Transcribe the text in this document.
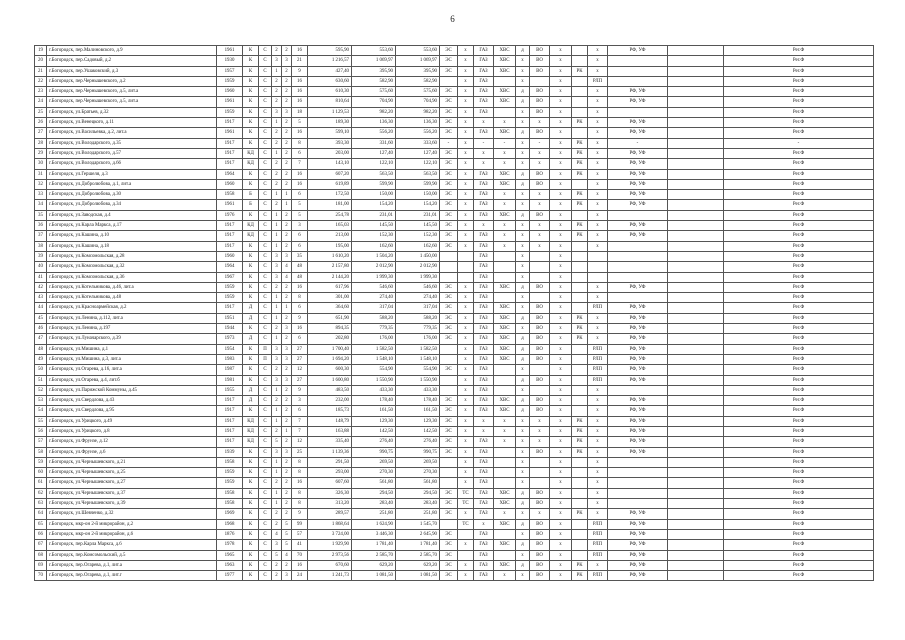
6
19	г.Богородск, пер.Малиновского, д.9	1961	К	С	2	2	16	595,90	553,60	553,60	ЭС	х	ГАЗ	ХВС	д	ВО	х		х	РФ, УФ		Рег.Ф
20	г.Богородск, пер.Садовый, д.2	1930	К	С	3	3	21	1 216,57	1 069,97	1 069,97	ЭС	х	ГАЗ	ХВС	х	ВО	х		х			Рег.Ф
21	г.Богородск, пер.Ушаковский, д.3	1957	К	С	1	2	9	427,40	395,90	395,90	ЭС	х	ГАЗ	ХВС	х	ВО	х	РК	х			Рег.Ф
22	г.Богородск, пер.Чернышевского, д.2	1959	К	С	2	2	16	630,60	582,90	582,90		х	ГАЗ		х		х		РЛП			Рег.Ф
23	г.Богородск, пер.Чернышевского, д.5, лит.а	1960	К	С	2	2	16	610,30	575,60	575,60	ЭС	х	ГАЗ	ХВС	д	ВО	х		х	РФ, УФ		Рег.Ф
24	г.Богородск, пер.Чернышевского, д.5, лит.а	1961	К	С	2	2	16	810,64	704,90	704,90	ЭС	х	ГАЗ	ХВС	д	ВО	х		х	РФ, УФ		Рег.Ф
25	г.Богородск, ул.Братьев, д.32	1959	К	С	3	3	18	1 129,53	982,20	982,20	ЭС	х	ГАЗ		х	ВО	х		х			Рег.Ф
26	г.Богородск, ул.Венецкого, д.11	1917	К	С	1	2	5	189,30	136,30	136,30	ЭС	х	х	х	х	х	х	РК	х	РФ, УФ		Рег.Ф
27	г.Богородск, ул.Васильевка, д.2, лит.а	1961	К	С	2	2	16	599,10	556,20	556,20	ЭС	х	ГАЗ	ХВС	д	ВО	х		х	РФ, УФ		Рег.Ф
28	г.Богородск, ул.Володарского, д.35	1917	К	С	2	2	8	393,30	331,60	333,60	-	х	-	-	х	-	х	РК	х	-		-
29	г.Богородск, ул.Володарского, д.57	1917	КД	С	1	2	6	203,00	127,40	127,40	ЭС	х	х	х	х	х	х	РК	х	РФ, УФ		Рег.Ф
30	г.Богородск, ул.Володарского, д.66	1917	КД	С	2	2	7	143,10	122,10	122,10	ЭС	х	х	х	х	х	х	РК	х	РФ, УФ		Рег.Ф
31	г.Богородск, ул.Гершеля, д.3	1964	К	С	2	2	16	607,20	563,50	563,50	ЭС	х	ГАЗ	ХВС	д	ВО	х	РК	х	РФ, УФ		Рег.Ф
32	г.Богородск, ул.Добролюбова, д.1, лит.а	1960	К	С	2	2	16	619,89	599,90	599,90	ЭС	х	ГАЗ	ХВС	д	ВО	х		х	РФ, УФ		Рег.Ф
33	г.Богородск, ул.Добролюбова, д.30	1958	Б	С	1	1	6	172,50	150,00	150,00	ЭС	х	ГАЗ	х	х	х	х	РК	х	РФ, УФ		Рег.Ф
34	г.Богородск, ул.Добролюбова, д.34	1961	Б	С	2	1	5	181,00	154,20	154,20	ЭС	х	ГАЗ	х	х	х	х	РК	х	РФ, УФ		Рег.Ф
35	г.Богородск, ул.Заводская, д.4	1976	К	С	1	2	5	254,78	231,01	231,01	ЭС	х	ГАЗ	ХВС	д	ВО	х		х			Рег.Ф
36	г.Богородск, ул.Карла Маркса, д.17	1917	КД	С	1	2	3	165,03	145,50	145,50	ЭС	х	х	х	х	х	х	РК	х	РФ, УФ		Рег.Ф
37	г.Богородск, ул.Кашина, д.10	1917	КД	С	1	2	6	213,00	152,30	152,30	ЭС	х	ГАЗ	х	х	х	х	РК	х	РФ, УФ		Рег.Ф
38	г.Богородск, ул.Кашина, д.18	1917	К	С	1	2	6	195,00	162,60	162,60	ЭС	х	ГАЗ	х	х	х	х		х			Рег.Ф
39	г.Богородск, ул.Комсомольская, д.28	1960	К	С	3	3	35	1 610,20	1 504,20	1 450,00			ГАЗ		х		х					Рег.Ф
40	г.Богородск, ул.Комсомольская, д.32	1964	К	С	3	4	48	2 157,80	2 012,90	2 012,90			ГАЗ		х		х					Рег.Ф
41	г.Богородск, ул.Комсомольская, д.36	1967	К	С	3	4	48	2 144,20	1 999,30	1 999,30			ГАЗ		х		х					Рег.Ф
42	г.Богородск, ул.Котельникова, д.46, лит.а	1959	К	С	2	2	16	617,96	546,60	546,60	ЭС	х	ГАЗ	ХВС	д	ВО	х		х	РФ, УФ		Рег.Ф
43	г.Богородск, ул.Котельникова, д.48	1959	К	С	1	2	8	301,00	274,40	274,40	ЭС	х	ГАЗ		х		х		х			Рег.Ф
44	г.Богородск, ул.Красноармейская, д.2	1917	Д	С	1	1	6	364,60	317,04	317,04	ЭС	х	ГАЗ	ХВС	х	ВО	х		РЛП	РФ, УФ		Рег.Ф
45	г.Богородск, ул.Ленина, д.112, лит.а	1951	Д	С	1	2	9	651,90	588,20	588,20	ЭС	х	ГАЗ	ХВС	д	ВО	х	РК	х	РФ, УФ		Рег.Ф
46	г.Богородск, ул.Ленина, д.197	1944	К	С	2	3	16	894,35	779,35	779,35	ЭС	х	ГАЗ	ХВС	х	ВО	х	РК	х	РФ, УФ		Рег.Ф
47	г.Богородск, ул.Луначарского, д.39	1973	Д	С	1	2	6	202,80	176,00	176,00	ЭС	х	ГАЗ	ХВС	д	ВО	х	РК	х	РФ, УФ		Рег.Ф
48	г.Богородск, ул.Мишина, д.1	1954	К	П	3	3	27	1 700,40	1 582,50	1 582,50		х	ГАЗ	ХВС	д	ВО	х		РЛП	РФ, УФ		Рег.Ф
49	г.Богородск, ул.Мишина, д.3, лит.а	1983	К	П	3	3	27	1 694,20	1 548,10	1 548,10		х	ГАЗ	ХВС	д	ВО	х		РЛП	РФ, УФ		Рег.Ф
50	г.Богородск, ул.Огарева, д.16, лит.а	1987	К	С	2	2	12	600,30	554,90	554,90	ЭС	х	ГАЗ		х		х		РЛП	РФ, УФ		Рег.Ф
51	г.Богородск, ул.Огарева, д.4, лит.б	1981	К	С	3	3	27	1 600,80	1 550,90	1 550,90		х	ГАЗ		д	ВО	х		РЛП	РФ, УФ		Рег.Ф
52	г.Богородск, ул.Парижской Коммуны, д.45	1955	Д	С	1	2	9	483,50	433,30	433,30		х	ГАЗ		х		х		х			Рег.Ф
53	г.Богородск, ул.Свердлова, д.43	1917	Д	С	2	2	3	232,00	178,40	178,40	ЭС	х	ГАЗ	ХВС	д	ВО	х		х	РФ, УФ		Рег.Ф
54	г.Богородск, ул.Свердлова, д.95	1917	К	С	1	2	6	185,73	161,50	161,50	ЭС	х	ГАЗ	ХВС	д	ВО	х		х	РФ, УФ		Рег.Ф
55	г.Богородск, ул.Урицкого, д.49	1917	КД	С	1	2	7	148,79	129,30	129,30	ЭС	х	х	х	х	х	х	РК	х	РФ, УФ		Рег.Ф
56	г.Богородск, ул.Урицкого, д.8	1917	КД	С	2	1	7	163,88	142,50	142,50	ЭС	х	х	х	х	х	х	РК	х	РФ, УФ		Рег.Ф
57	г.Богородск, ул.Фрунзе, д.12	1917	КД	С	5	2	12	335,40	276,40	276,40	ЭС	х	ГАЗ	х	х	х	х	РК	х	РФ, УФ		Рег.Ф
58	г.Богородск, ул.Фрунзе, д.6	1939	К	С	3	3	25	1 139,36	990,75	990,75	ЭС	х	ГАЗ		х	ВО	х	РК	х	РФ, УФ		Рег.Ф
59	г.Богородск, ул.Чернышевского, д.21	1958	К	С	1	2	8	291,50	269,50	269,50		х	ГАЗ		х		х		х			Рег.Ф
60	г.Богородск, ул.Чернышевского, д.25	1959	К	С	1	2	8	293,00	270,30	270,30		х	ГАЗ		х		х		х			Рег.Ф
61	г.Богородск, ул.Чернышевского, д.27	1959	К	С	2	2	16	607,60	561,80	561,80		х	ГАЗ		х		х		х			Рег.Ф
62	г.Богородск, ул.Чернышевского, д.37	1958	К	С	1	2	8	326,30	294,50	294,50	ЭС	ТС	ГАЗ	ХВС	д	ВО	х		х			Рег.Ф
63	г.Богородск, ул.Чернышевского, д.39	1958	К	С	1	2	8	313,20	283,40	283,40	ЭС	ТС	ГАЗ	ХВС	д	ВО	х		х			Рег.Ф
64	г.Богородск, ул.Шевченко, д.32	1969	К	С	2	2	9	289,57	251,80	251,80	ЭС	х	ГАЗ	х	х	х	х	РК	х	РФ, УФ		Рег.Ф
65	г.Богородск, мкр-он 2-й микрорайон, д.2	1968	К	С	2	5	99	1 868,64	1 624,90	1 545,70		ТС	х	ХВС	д	ВО	х		РЛП	РФ, УФ		Рег.Ф
66	г.Богородск, мкр-он 2-й микрорайон, д.6	1876	К	С	4	5	57	3 724,00	3 446,30	2 645,90	ЭС		ГАЗ		х	ВО	х		РЛП	РФ, УФ		Рег.Ф
67	г.Богородск, пер.Карла Маркса, д.6	1978	К	С	3	5	41	1 929,90	1 781,40	1 781,40	ЭС	х	ГАЗ	ХВС	д	ВО	х		РЛП	РФ, УФ		Рег.Ф
68	г.Богородск, пер.Комсомольский, д.5	1965	К	С	5	4	70	2 973,56	2 585,70	2 585,70	ЭС		ГАЗ		х	ВО	х		РЛП	РФ, УФ		Рег.Ф
69	г.Богородск, пер.Огарева, д.1, лит.а	1963	К	С	2	2	16	670,60	629,20	629,20	ЭС	х	ГАЗ	ХВС	д	ВО	х	РК	х	РФ, УФ		Рег.Ф
70	г.Богородск, пер.Огарева, д.1, лит.г	1977	К	С	2	3	24	1 241,73	1 081,50	1 081,50	ЭС	х	ГАЗ	х	х	ВО	х	РК	РЛП	РФ, УФ		Рег.Ф
